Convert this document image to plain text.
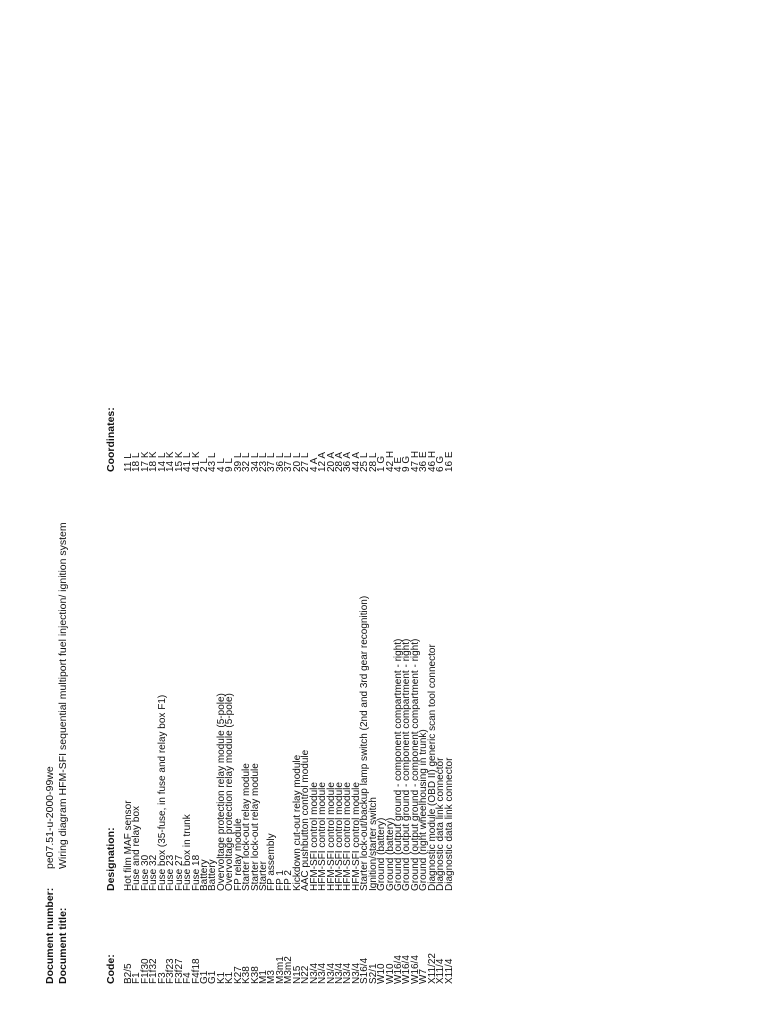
Document number:pe07.51-u-2000-99we
Document title:Wiring diagram HFM-SFI sequential multiport fuel injection/ ignition system
Code: B2/5
F1
F1f30
F1f32
F3
F3f23
F3f27
F4
F4f18
G1
G1
K1
K1
K27
K38
K38
M1
M3
M3m1
M3m2
N15
N22
N3/4
N3/4
N3/4
N3/4
N3/4
N3/4
S16/4
S2/1
W10
W10
W16/4
W16/4
W16/4
W7
X11/22
X11/4
X11/4
Designation: Hot film MAF sensor
Fuse and relay box
Fuse 30
Fuse 32
Fuse box (35-fuse, in fuse and relay box F1)
Fuse 23
Fuse 27
Fuse box in trunk
Fuse 18
Battery
Battery
Overvoltage protection relay module (5-pole)
Overvoltage protection relay module (5-pole)
FP relay module
Starter lock-out relay module
Starter lock-out relay module
Starter
FP assembly
FP 1
FP 2
Kickdown cut-out relay module
AAC pushbutton control module
HFM-SFI control module
HFM-SFI control module
HFM-SFI control module
HFM-SFI control module
HFM-SFI control module
HFM-SFI control module
Starter lock-out/backup lamp switch (2nd and 3rd gear recognition)
Ignition/starter switch
Ground (battery)
Ground (battery)
Ground (output ground - component compartment - right)
Ground (output ground - component compartment - right)
Ground (output ground - component compartment - right)
Ground (right wheelhousing in trunk)
Diagnostic module (OBD II) generic scan tool connector
Diagnostic data link connector
Diagnostic data link connector
Coordinates: 11 L
18 L
17 K
18 K
14 L
14 K
15 K
41 L
41 K
2 L
43 L
4 L
9 L
39 L
32 L
34 L
23 L
37 L
36 L
37 L
20 L
27 L
4 A
12 A
20 A
28 A
36 A
44 A
25 L
28 L
1 G
42 H
4 E
9 G
47 H
36 E
46 H
6 G
16 E
